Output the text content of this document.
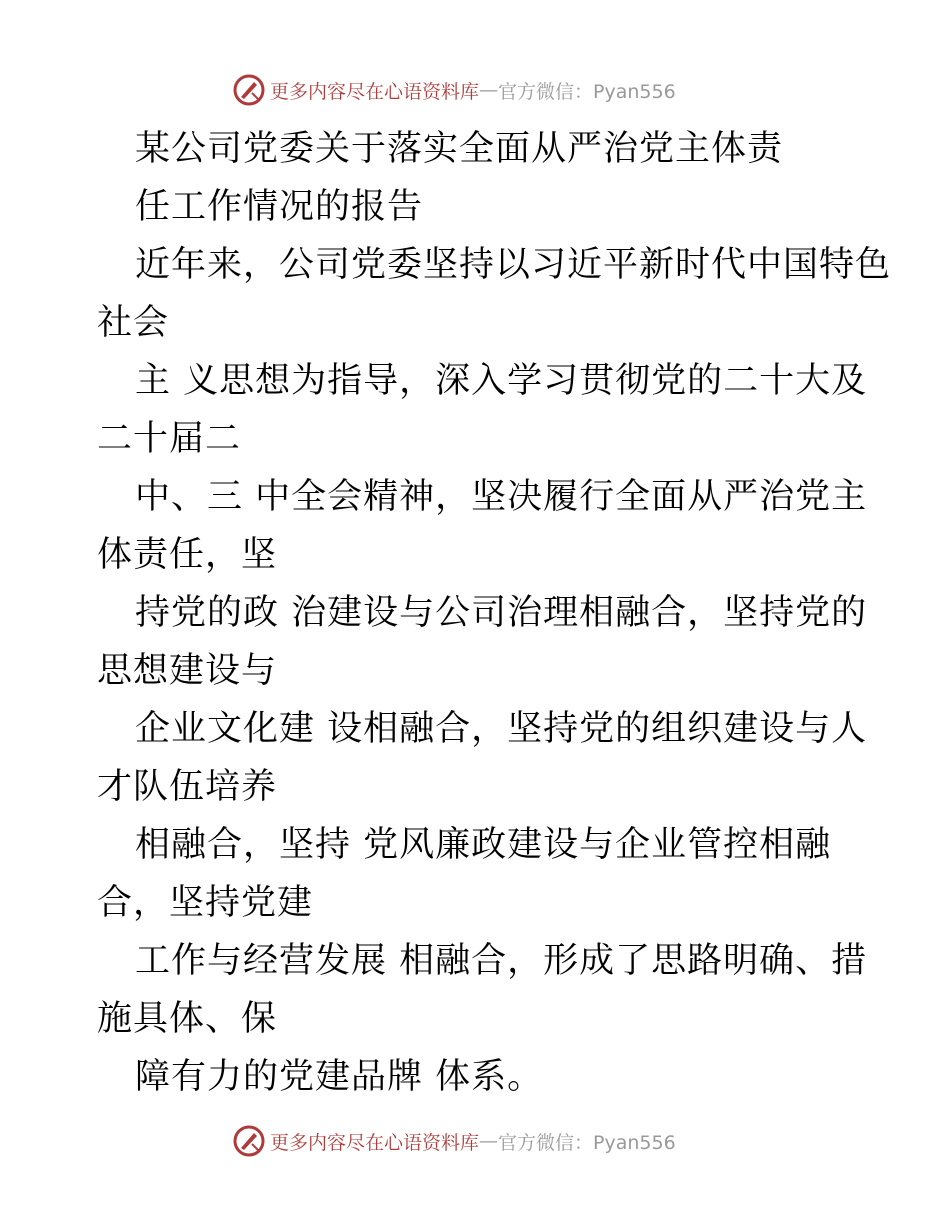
更多内容尽在心语资料库 — 官方微信：Pyan556
某公司党委关于落实全面从严治党主体责
任工作情况的报告
近年来，公司党委坚持以习近平新时代中国特色
社会
主 义思想为指导，深入学习贯彻党的二十大及
二十届二
中、三 中全会精神，坚决履行全面从严治党主
体责任，坚
持党的政 治建设与公司治理相融合，坚持党的
思想建设与
企业文化建 设相融合，坚持党的组织建设与人
才队伍培养
相融合，坚持 党风廉政建设与企业管控相融
合，坚持党建
工作与经营发展 相融合，形成了思路明确、措
施具体、保
障有力的党建品牌 体系。
更多内容尽在心语资料库 — 官方微信：Pyan556
